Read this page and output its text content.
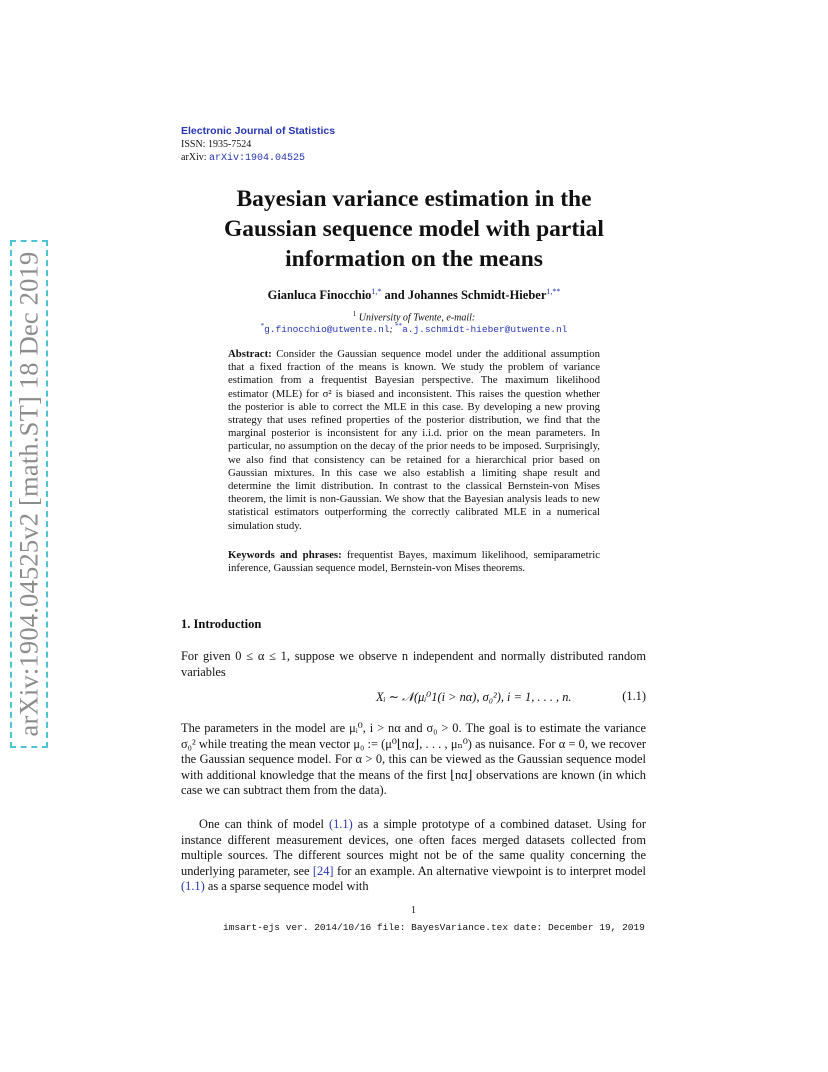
arXiv:1904.04525v2 [math.ST] 18 Dec 2019
Electronic Journal of Statistics
ISSN: 1935-7524
arXiv: arXiv:1904.04525
Bayesian variance estimation in the
Gaussian sequence model with partial
information on the means
Gianluca Finocchio$^{1,*}$ and Johannes Schmidt-Hieber$^{1,**}$
$^1$ University of Twente, e-mail:
*g.finocchio@utwente.nl; **a.j.schmidt-hieber@utwente.nl
Abstract: Consider the Gaussian sequence model under the additional assumption that a fixed fraction of the means is known. We study the problem of variance estimation from a frequentist Bayesian perspective. The maximum likelihood estimator (MLE) for σ² is biased and inconsistent. This raises the question whether the posterior is able to correct the MLE in this case. By developing a new proving strategy that uses refined properties of the posterior distribution, we find that the marginal posterior is inconsistent for any i.i.d. prior on the mean parameters. In particular, no assumption on the decay of the prior needs to be imposed. Surprisingly, we also find that consistency can be retained for a hierarchical prior based on Gaussian mixtures. In this case we also establish a limiting shape result and determine the limit distribution. In contrast to the classical Bernstein-von Mises theorem, the limit is non-Gaussian. We show that the Bayesian analysis leads to new statistical estimators outperforming the correctly calibrated MLE in a numerical simulation study.
Keywords and phrases: frequentist Bayes, maximum likelihood, semiparametric inference, Gaussian sequence model, Bernstein-von Mises theorems.
1. Introduction
For given 0 ≤ α ≤ 1, suppose we observe n independent and normally distributed random variables
Xᵢ ∼ 𝒩(μᵢ⁰1(i > nα), σ₀²), i = 1, . . . , n.	(1.1)
The parameters in the model are μᵢ⁰, i > nα and σ₀ > 0. The goal is to estimate the variance σ₀² while treating the mean vector μ₀ := (μ⁰⌊nα⌋, . . . , μₙ⁰) as nuisance. For α = 0, we recover the Gaussian sequence model. For α > 0, this can be viewed as the Gaussian sequence model with additional knowledge that the means of the first ⌊nα⌋ observations are known (in which case we can subtract them from the data).
One can think of model (1.1) as a simple prototype of a combined dataset. Using for instance different measurement devices, one often faces merged datasets collected from multiple sources. The different sources might not be of the same quality concerning the underlying parameter, see [24] for an example. An alternative viewpoint is to interpret model (1.1) as a sparse sequence model with
1
imsart-ejs ver. 2014/10/16 file: BayesVariance.tex date: December 19, 2019
